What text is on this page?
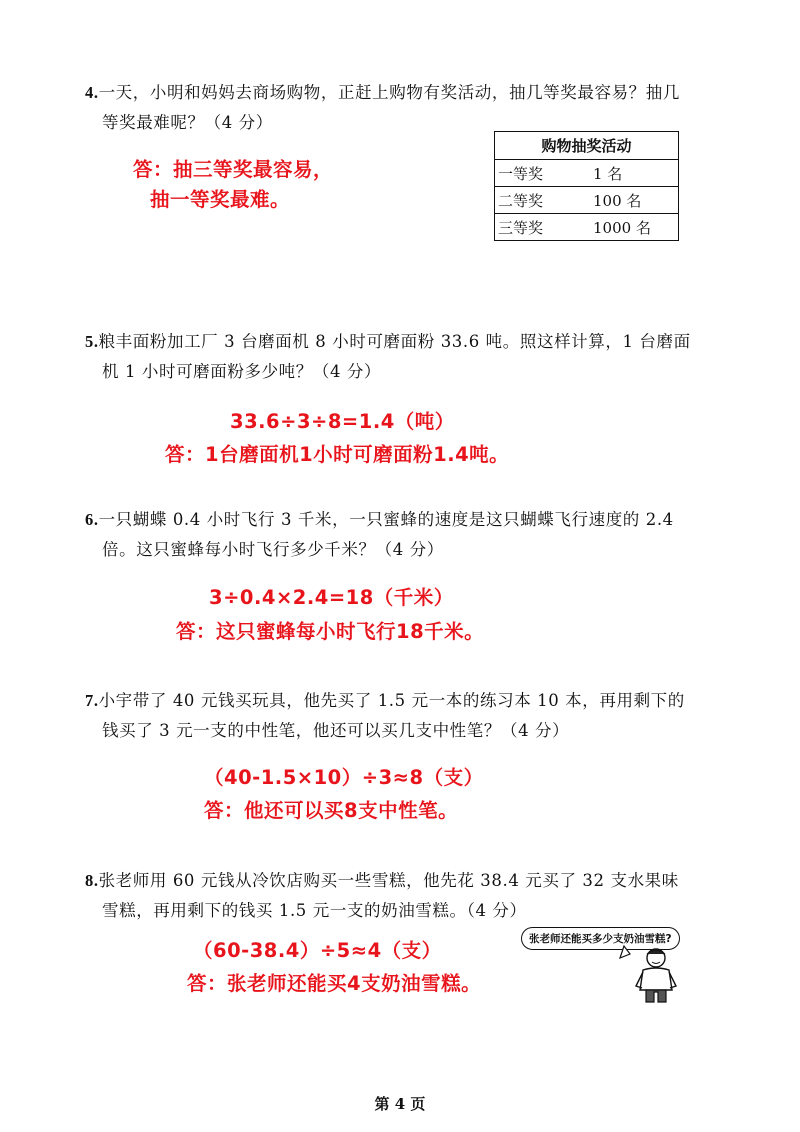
4.一天，小明和妈妈去商场购物，正赶上购物有奖活动，抽几等奖最容易？抽几
等奖最难呢？（4 分）
答：抽三等奖最容易，
抽一等奖最难。
购物抽奖活动	
一等奖	1 名
二等奖	100 名
三等奖	1000 名
5.粮丰面粉加工厂 3 台磨面机 8 小时可磨面粉 33.6 吨。照这样计算，1 台磨面
机 1 小时可磨面粉多少吨？（4 分）
33.6÷3÷8=1.4（吨）
答：1台磨面机1小时可磨面粉1.4吨。
6.一只蝴蝶 0.4 小时飞行 3 千米，一只蜜蜂的速度是这只蝴蝶飞行速度的 2.4
倍。这只蜜蜂每小时飞行多少千米？（4 分）
3÷0.4×2.4=18（千米）
答：这只蜜蜂每小时飞行18千米。
7.小宇带了 40 元钱买玩具，他先买了 1.5 元一本的练习本 10 本，再用剩下的
钱买了 3 元一支的中性笔，他还可以买几支中性笔？（4 分）
（40-1.5×10）÷3≈8（支）
答：他还可以买8支中性笔。
8.张老师用 60 元钱从冷饮店购买一些雪糕，他先花 38.4 元买了 32 支水果味
雪糕，再用剩下的钱买 1.5 元一支的奶油雪糕。（4 分）
（60-38.4）÷5≈4（支）
答：张老师还能买4支奶油雪糕。
张老师还能买多少支奶油雪糕?
第 4 页
